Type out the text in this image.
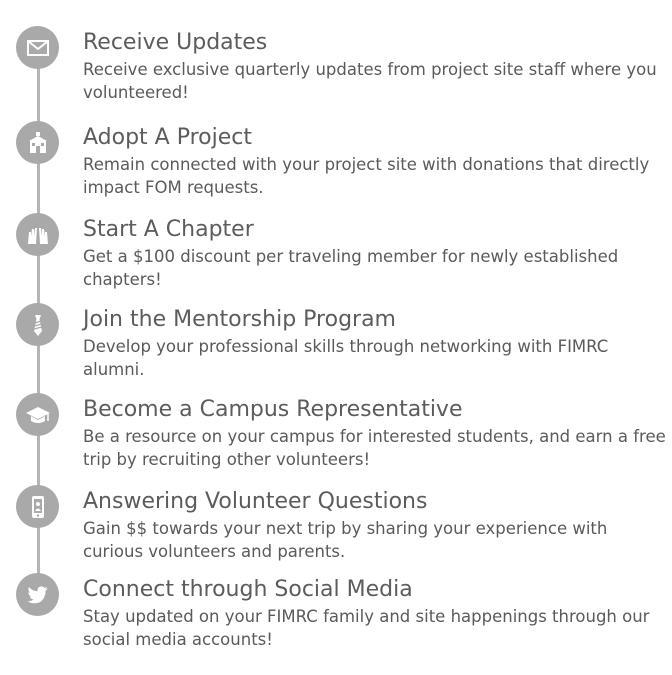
Receive Updates
Receive exclusive quarterly updates from project site staff where you volunteered!
Adopt A Project
Remain connected with your project site with donations that directly impact FOM requests.
Start A Chapter
Get a $100 discount per traveling member for newly established chapters!
Join the Mentorship Program
Develop your professional skills through networking with FIMRC alumni.
Become a Campus Representative
Be a resource on your campus for interested students, and earn a free trip by recruiting other volunteers!
Answering Volunteer Questions
Gain $$ towards your next trip by sharing your experience with curious volunteers and parents.
Connect through Social Media
Stay updated on your FIMRC family and site happenings through our social media accounts!
